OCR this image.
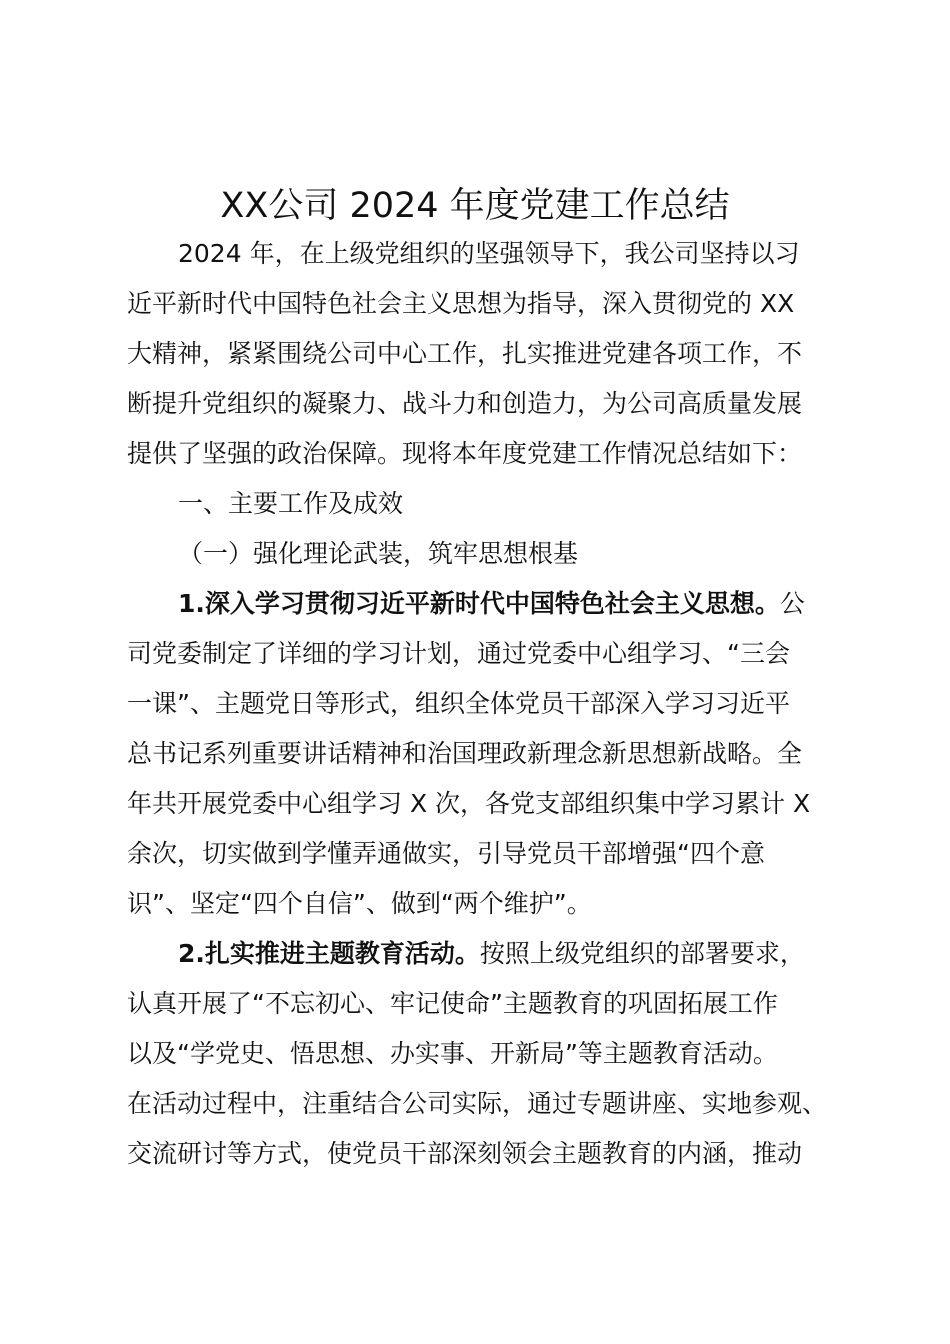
XX公司 2024 年度党建工作总结
2024 年，在上级党组织的坚强领导下，我公司坚持以习
近平新时代中国特色社会主义思想为指导，深入贯彻党的 XX
大精神，紧紧围绕公司中心工作，扎实推进党建各项工作，不
断提升党组织的凝聚力、战斗力和创造力，为公司高质量发展
提供了坚强的政治保障。现将本年度党建工作情况总结如下：
一、主要工作及成效
（一）强化理论武装，筑牢思想根基
1.深入学习贯彻习近平新时代中国特色社会主义思想。公
司党委制定了详细的学习计划，通过党委中心组学习、“三会
一课”、主题党日等形式，组织全体党员干部深入学习习近平
总书记系列重要讲话精神和治国理政新理念新思想新战略。全
年共开展党委中心组学习 X 次，各党支部组织集中学习累计 X
余次，切实做到学懂弄通做实，引导党员干部增强“四个意
识”、坚定“四个自信”、做到“两个维护”。
2.扎实推进主题教育活动。按照上级党组织的部署要求，
认真开展了“不忘初心、牢记使命”主题教育的巩固拓展工作
以及“学党史、悟思想、办实事、开新局”等主题教育活动。
在活动过程中，注重结合公司实际，通过专题讲座、实地参观、
交流研讨等方式，使党员干部深刻领会主题教育的内涵，推动
